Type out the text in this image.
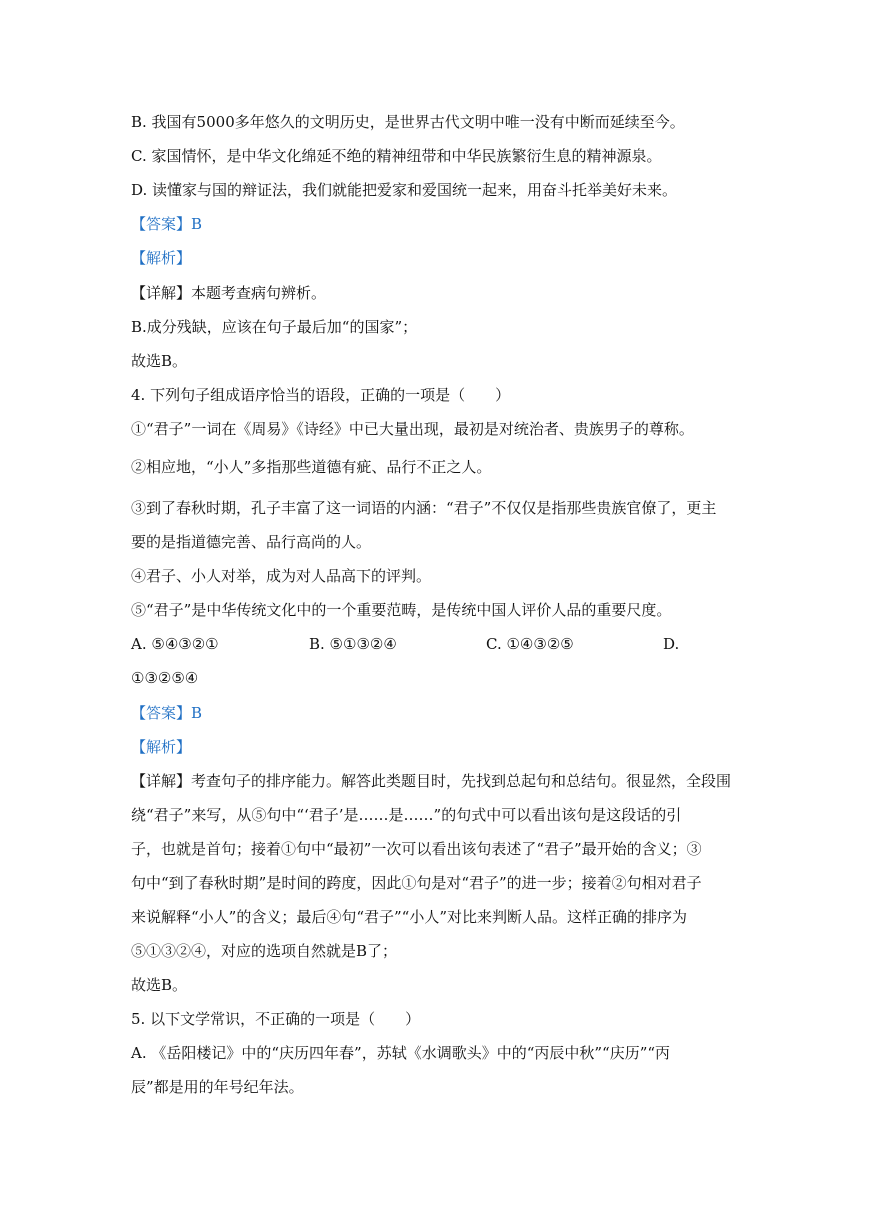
B. 我国有5000多年悠久的文明历史，是世界古代文明中唯一没有中断而延续至今。
C. 家国情怀，是中华文化绵延不绝的精神纽带和中华民族繁衍生息的精神源泉。
D. 读懂家与国的辩证法，我们就能把爱家和爱国统一起来，用奋斗托举美好未来。
【答案】B
【解析】
【详解】本题考查病句辨析。
B.成分残缺，应该在句子最后加“的国家”；
故选B。
4. 下列句子组成语序恰当的语段，正确的一项是（　　）
①“君子”一词在《周易》《诗经》中已大量出现，最初是对统治者、贵族男子的尊称。
②相应地，“小人”多指那些道德有疵、品行不正之人。
③到了春秋时期，孔子丰富了这一词语的内涵：“君子”不仅仅是指那些贵族官僚了，更主
要的是指道德完善、品行高尚的人。
④君子、小人对举，成为对人品高下的评判。
⑤“君子”是中华传统文化中的一个重要范畴，是传统中国人评价人品的重要尺度。
A. ⑤④③②①	B. ⑤①③②④	C. ①④③②⑤	D.
①③②⑤④
【答案】B
【解析】
【详解】考查句子的排序能力。解答此类题目时，先找到总起句和总结句。很显然，全段围
绕“君子”来写，从⑤句中“‘君子’是……是……”的句式中可以看出该句是这段话的引
子，也就是首句；接着①句中“最初”一次可以看出该句表述了“君子”最开始的含义；③
句中“到了春秋时期”是时间的跨度，因此①句是对“君子”的进一步；接着②句相对君子
来说解释“小人”的含义；最后④句“君子”“小人”对比来判断人品。这样正确的排序为
⑤①③②④，对应的选项自然就是B了；
故选B。
5. 以下文学常识，不正确的一项是（　　）
A. 《岳阳楼记》中的“庆历四年春”，苏轼《水调歌头》中的“丙辰中秋”“庆历”“丙
辰”都是用的年号纪年法。
